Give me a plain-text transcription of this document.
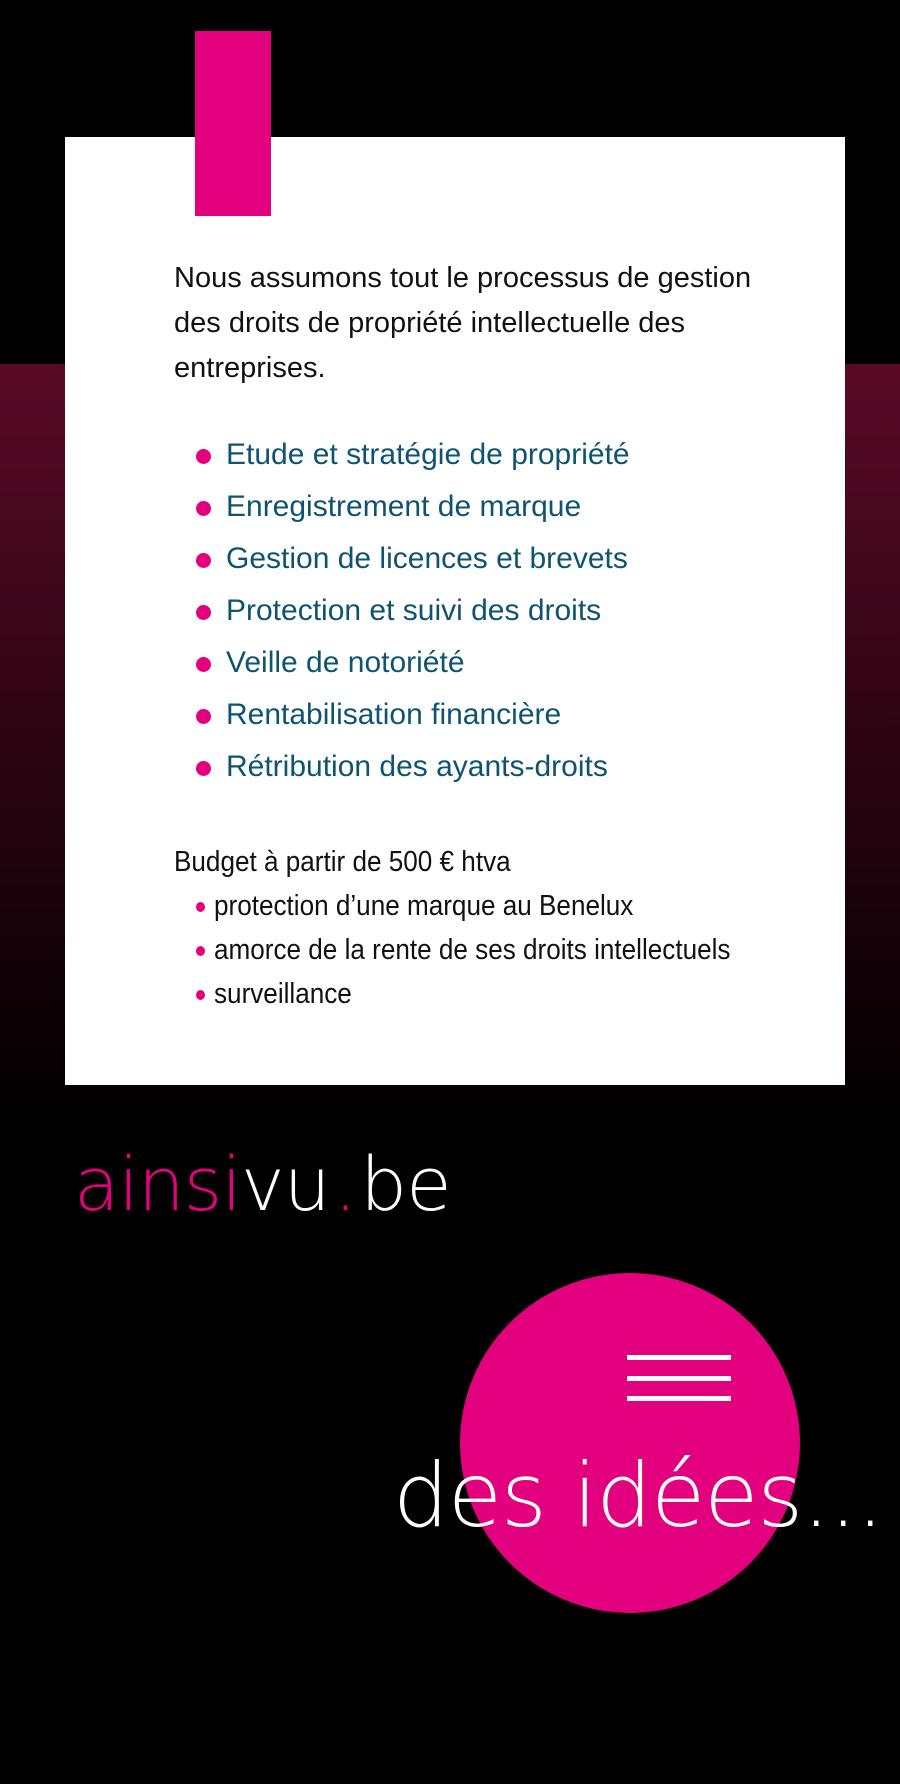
Nous assumons tout le processus de gestion des droits de propriété intellectuelle des entreprises.

Etude et stratégie de propriété
Enregistrement de marque
Gestion de licences et brevets
Protection et suivi des droits
Veille de notoriété
Rentabilisation financière
Rétribution des ayants-droits
Budget à partir de 500 € htva
protection d’une marque au Benelux
amorce de la rente de ses droits intellectuels
surveillance
ainsivu.be
des idées...
